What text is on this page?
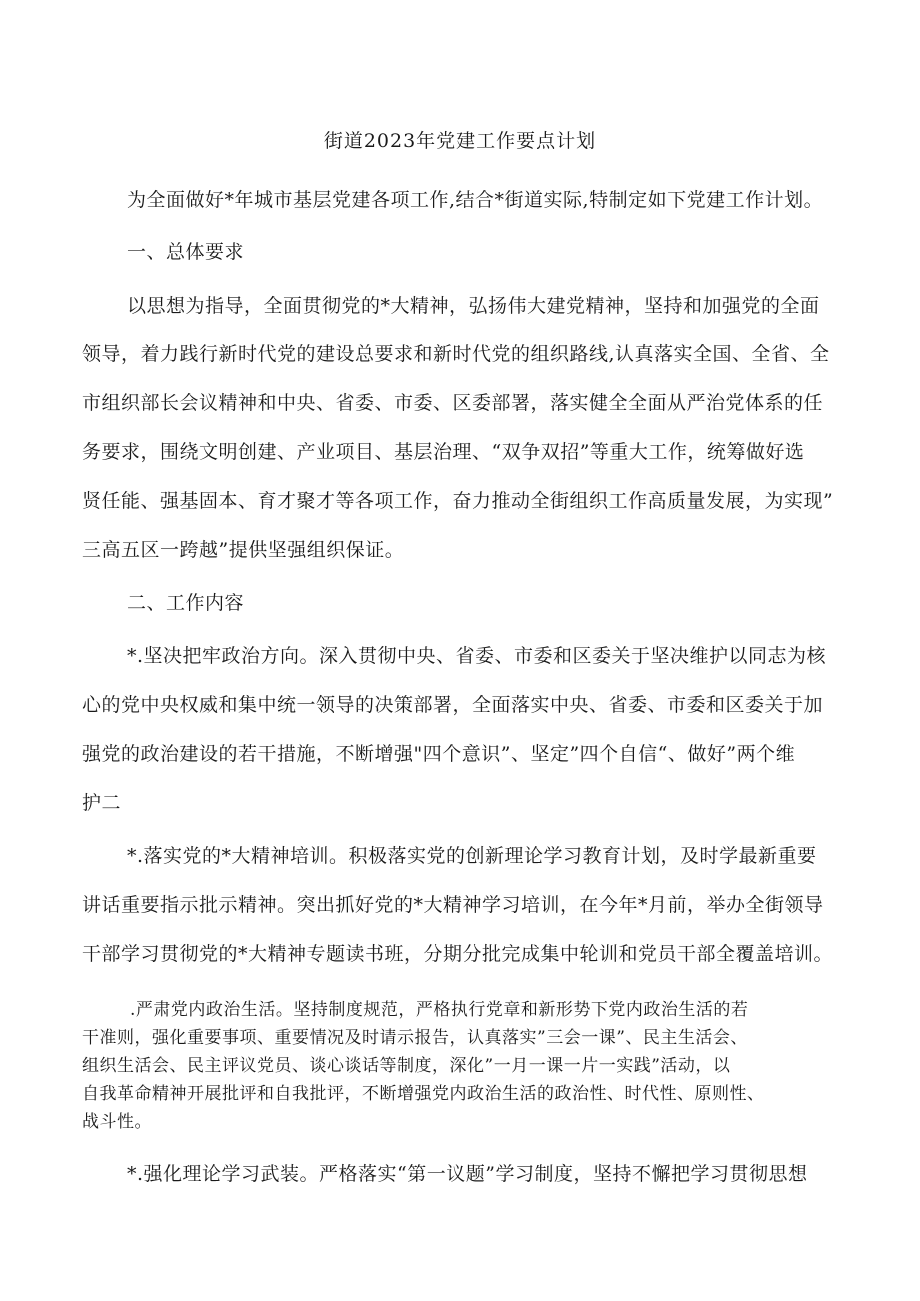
街道2023年党建工作要点计划
为全面做好*年城市基层党建各项工作,结合*街道实际,特制定如下党建工作计划。
一、总体要求
以思想为指导，全面贯彻党的*大精神，弘扬伟大建党精神，坚持和加强党的全面
领导，着力践行新时代党的建设总要求和新时代党的组织路线,认真落实全国、全省、全
市组织部长会议精神和中央、省委、市委、区委部署，落实健全全面从严治党体系的任
务要求，围绕文明创建、产业项目、基层治理、“双争双招”等重大工作，统筹做好选
贤任能、强基固本、育才聚才等各项工作，奋力推动全街组织工作高质量发展，为实现”
三高五区一跨越”提供坚强组织保证。
二、工作内容
*.坚决把牢政治方向。深入贯彻中央、省委、市委和区委关于坚决维护以同志为核
心的党中央权威和集中统一领导的决策部署，全面落实中央、省委、市委和区委关于加
强党的政治建设的若干措施，不断增强"四个意识”、坚定”四个自信“、做好”两个维
护二
*.落实党的*大精神培训。积极落实党的创新理论学习教育计划，及时学最新重要
讲话重要指示批示精神。突出抓好党的*大精神学习培训，在今年*月前，举办全街领导
干部学习贯彻党的*大精神专题读书班，分期分批完成集中轮训和党员干部全覆盖培训。
.严肃党内政治生活。坚持制度规范，严格执行党章和新形势下党内政治生活的若
干准则，强化重要事项、重要情况及时请示报告，认真落实”三会一课”、民主生活会、
组织生活会、民主评议党员、谈心谈话等制度，深化”一月一课一片一实践”活动，以
自我革命精神开展批评和自我批评，不断增强党内政治生活的政治性、时代性、原则性、
战斗性。
*.强化理论学习武装。严格落实“第一议题”学习制度，坚持不懈把学习贯彻思想
